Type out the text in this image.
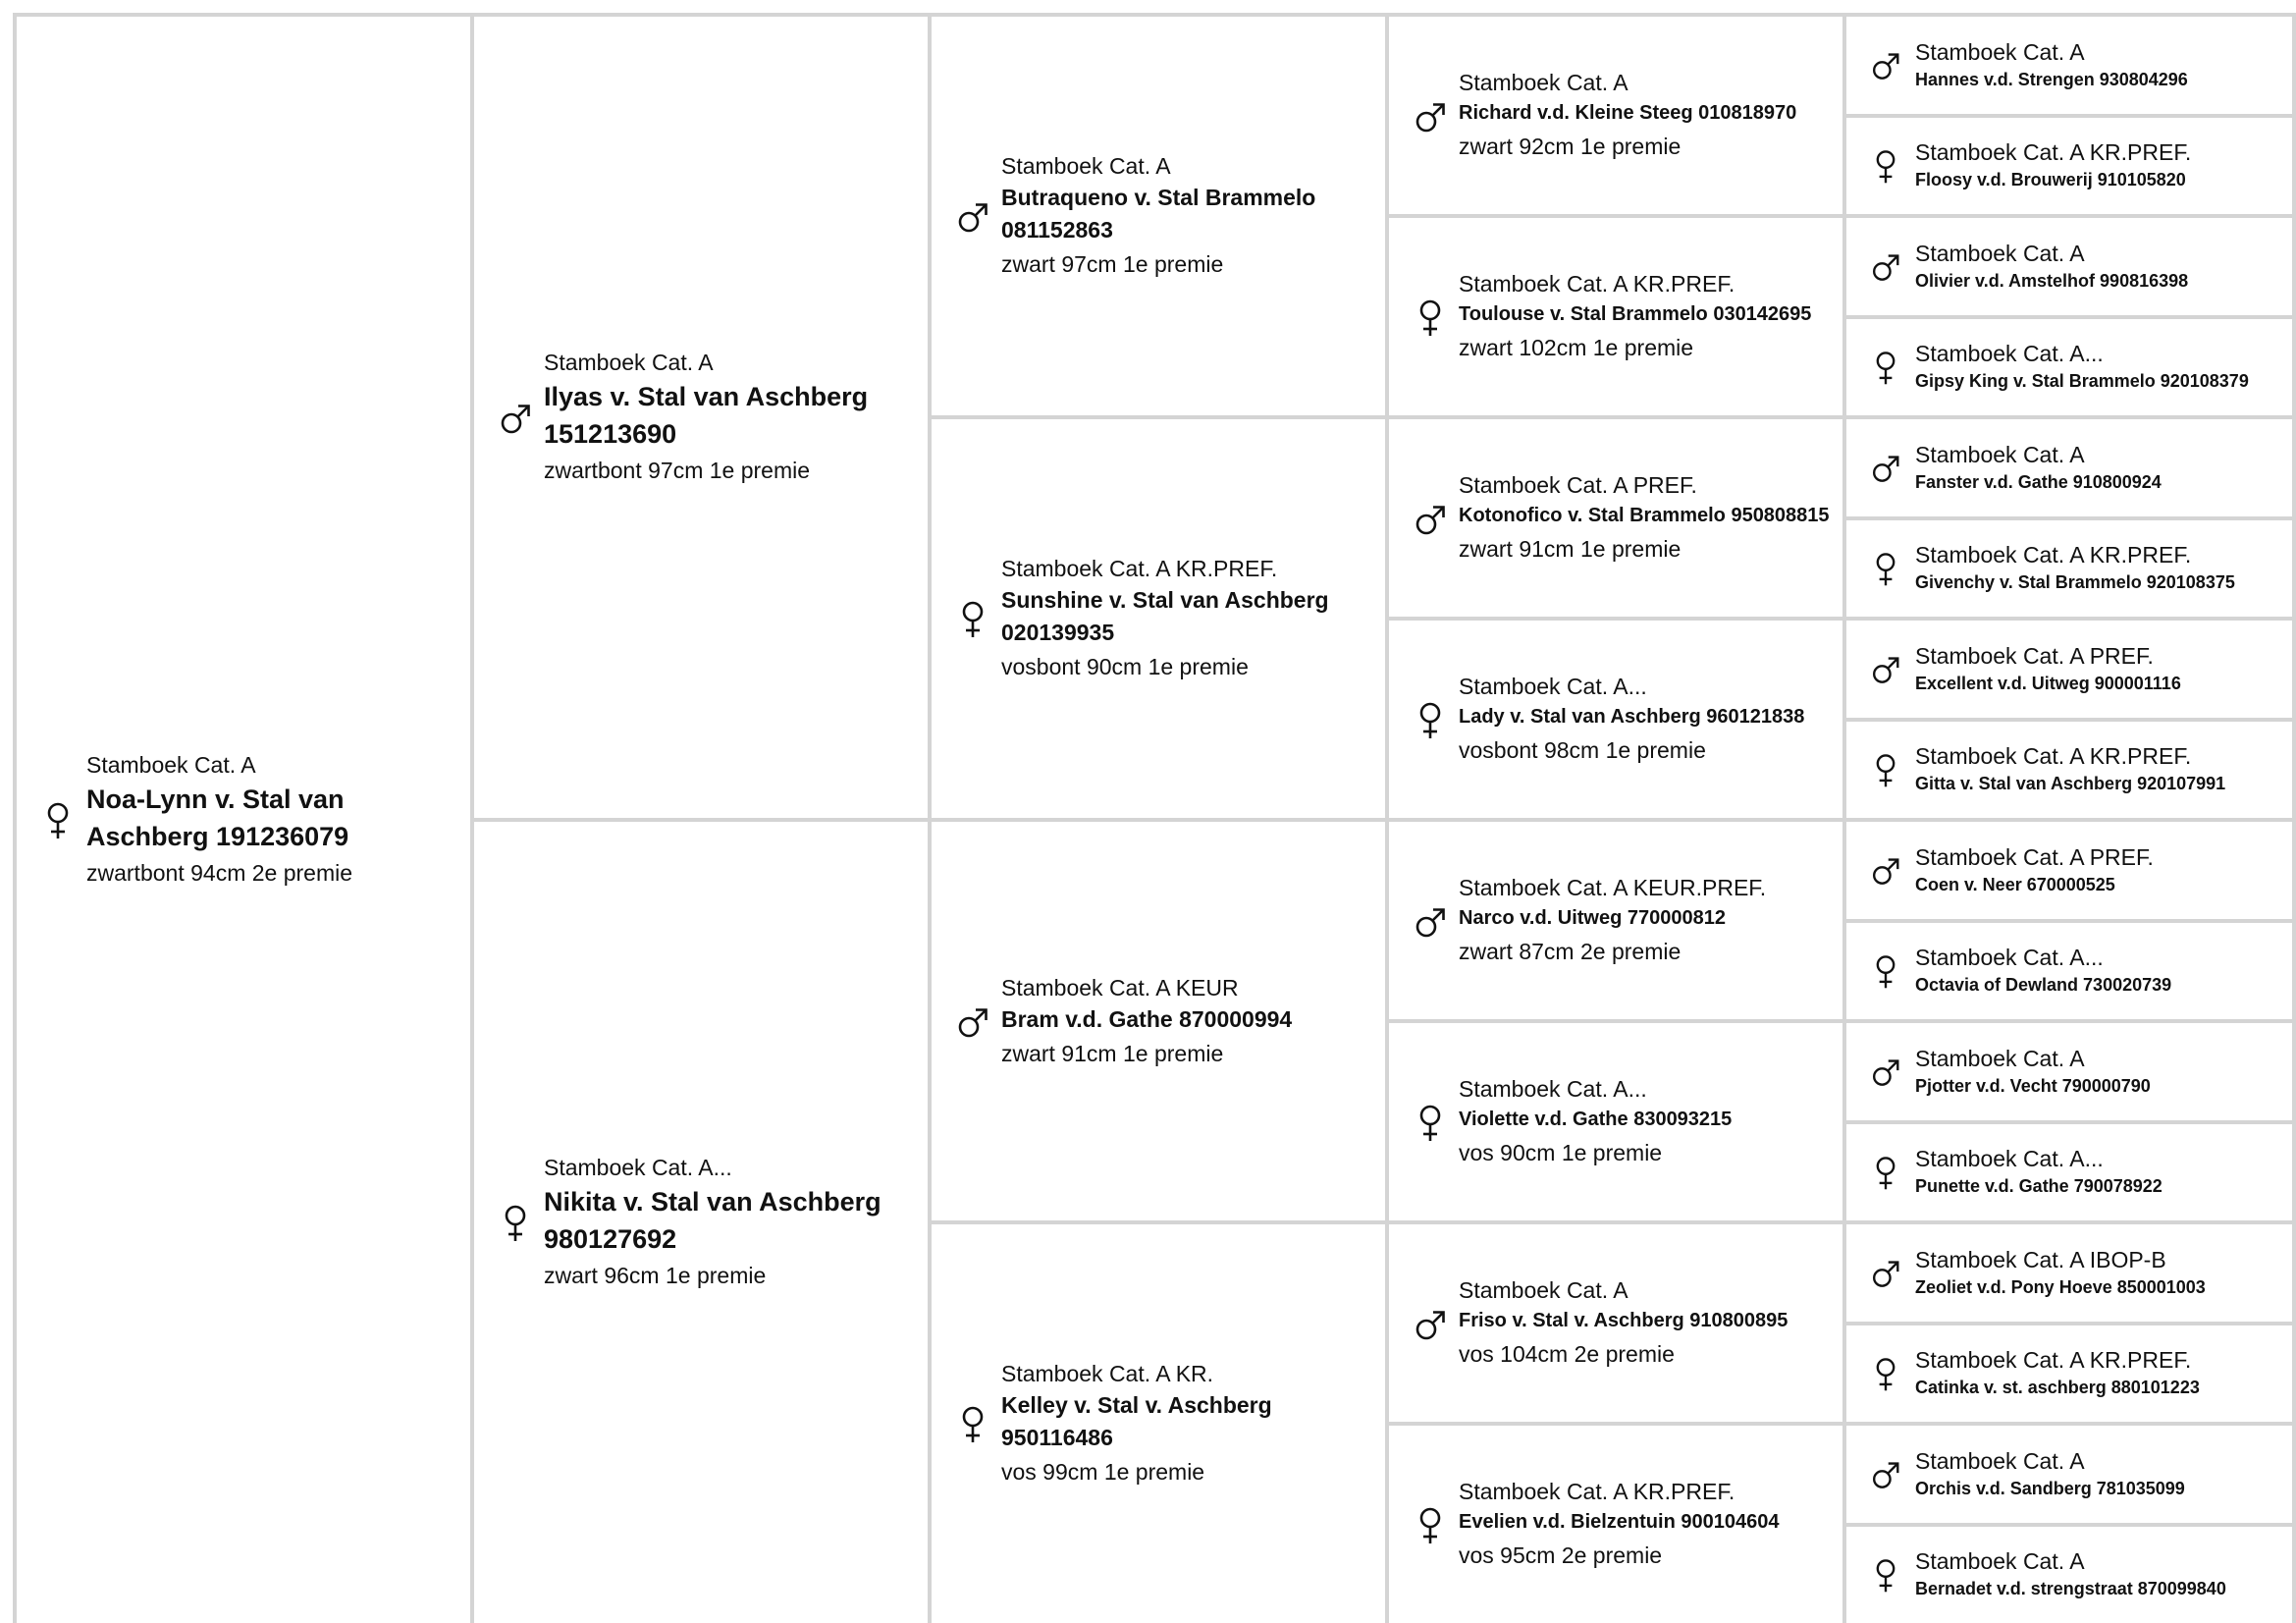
Stamboek Cat. A
Noa-Lynn v. Stal van Aschberg 191236079
zwartbont 94cm 2e premie
Stamboek Cat. A
Ilyas v. Stal van Aschberg 151213690
zwartbont 97cm 1e premie
Stamboek Cat. A...
Nikita v. Stal van Aschberg 980127692
zwart 96cm 1e premie
Stamboek Cat. A
Butraqueno v. Stal Brammelo 081152863
zwart 97cm 1e premie
Stamboek Cat. A KR.PREF.
Sunshine v. Stal van Aschberg 020139935
vosbont 90cm 1e premie
Stamboek Cat. A KEUR
Bram v.d. Gathe 870000994
zwart 91cm 1e premie
Stamboek Cat. A KR.
Kelley v. Stal v. Aschberg 950116486
vos 99cm 1e premie
Stamboek Cat. A
Richard v.d. Kleine Steeg 010818970
zwart 92cm 1e premie
Stamboek Cat. A KR.PREF.
Toulouse v. Stal Brammelo 030142695
zwart 102cm 1e premie
Stamboek Cat. A PREF.
Kotonofico v. Stal Brammelo 950808815
zwart 91cm 1e premie
Stamboek Cat. A...
Lady v. Stal van Aschberg 960121838
vosbont 98cm 1e premie
Stamboek Cat. A KEUR.PREF.
Narco v.d. Uitweg 770000812
zwart 87cm 2e premie
Stamboek Cat. A...
Violette v.d. Gathe 830093215
vos 90cm 1e premie
Stamboek Cat. A
Friso v. Stal v. Aschberg 910800895
vos 104cm 2e premie
Stamboek Cat. A KR.PREF.
Evelien v.d. Bielzentuin 900104604
vos 95cm 2e premie
Stamboek Cat. A
Hannes v.d. Strengen 930804296
Stamboek Cat. A KR.PREF.
Floosy v.d. Brouwerij 910105820
Stamboek Cat. A
Olivier v.d. Amstelhof 990816398
Stamboek Cat. A...
Gipsy King v. Stal Brammelo 920108379
Stamboek Cat. A
Fanster v.d. Gathe 910800924
Stamboek Cat. A KR.PREF.
Givenchy v. Stal Brammelo 920108375
Stamboek Cat. A PREF.
Excellent v.d. Uitweg 900001116
Stamboek Cat. A KR.PREF.
Gitta v. Stal van Aschberg 920107991
Stamboek Cat. A PREF.
Coen v. Neer 670000525
Stamboek Cat. A...
Octavia of Dewland 730020739
Stamboek Cat. A
Pjotter v.d. Vecht 790000790
Stamboek Cat. A...
Punette v.d. Gathe 790078922
Stamboek Cat. A IBOP-B
Zeoliet v.d. Pony Hoeve 850001003
Stamboek Cat. A KR.PREF.
Catinka v. st. aschberg 880101223
Stamboek Cat. A
Orchis v.d. Sandberg 781035099
Stamboek Cat. A
Bernadet v.d. strengstraat 870099840
